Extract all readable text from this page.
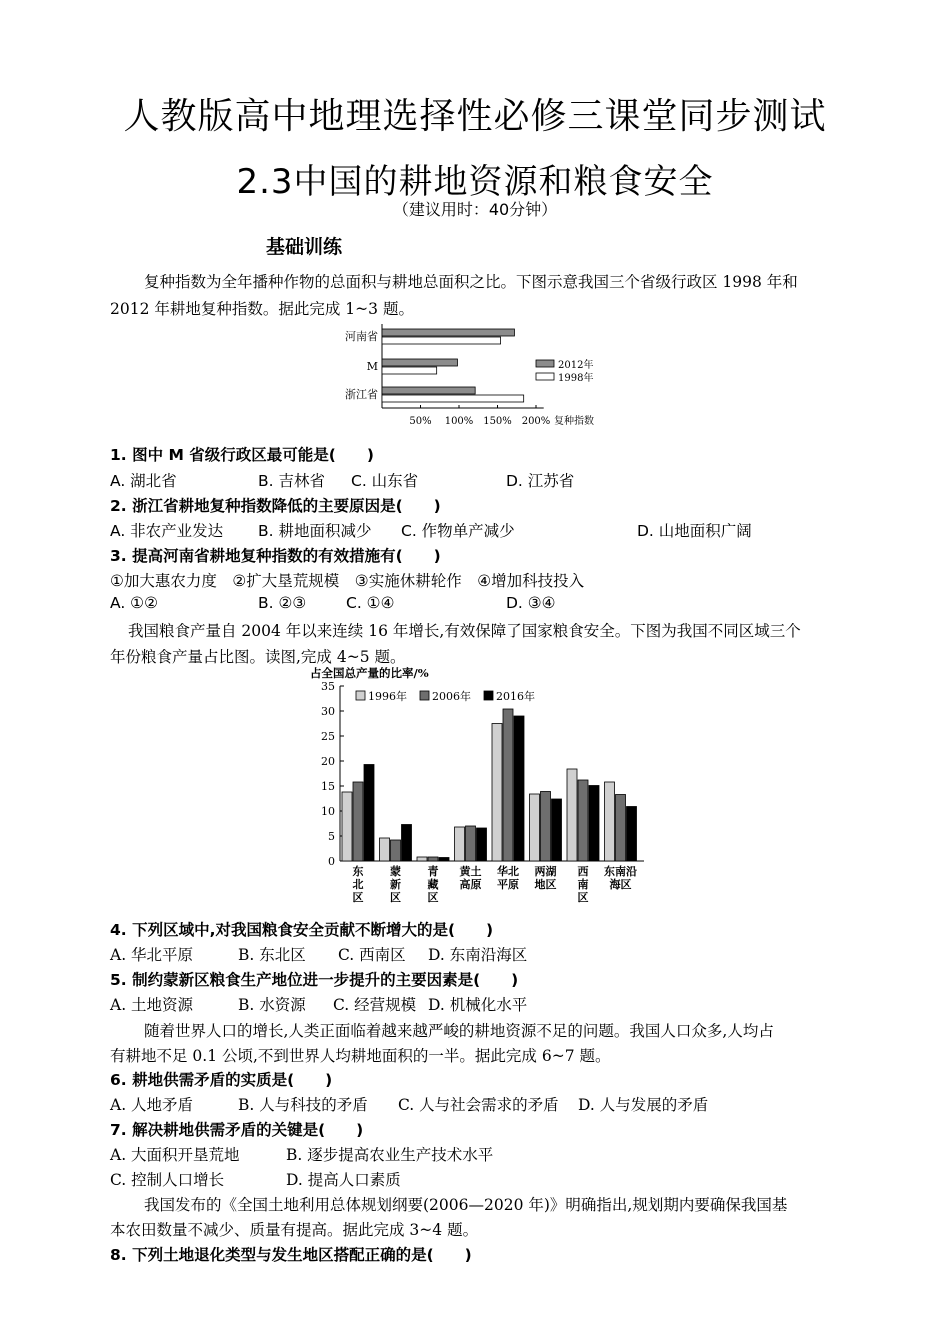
人教版高中地理选择性必修三课堂同步测试
2.3中国的耕地资源和粮食安全
（建议用时：40分钟）
基础训练
复种指数为全年播种作物的总面积与耕地总面积之比。下图示意我国三个省级行政区 1998 年和
2012 年耕地复种指数。据此完成 1~3 题。
50% 100% 150% 200% 复种指数
河南省
M
浙江省
2012年
1998年
1. 图中 M 省级行政区最可能是(　　)
A. 湖北省	B. 吉林省 C. 山东省	D. 江苏省
2. 浙江省耕地复种指数降低的主要原因是(　　)
A. 非农产业发达 B. 耕地面积减少 C. 作物单产减少	D. 山地面积广阔
3. 提高河南省耕地复种指数的有效措施有(　　)
①加大惠农力度　②扩大垦荒规模　③实施休耕轮作　④增加科技投入
A. ①②	B. ②③	C. ①④	D. ③④
我国粮食产量自 2004 年以来连续 16 年增长,有效保障了国家粮食安全。下图为我国不同区域三个
年份粮食产量占比图。读图,完成 4~5 题。
占全国总产量的比率/%
0
5
10
15
20
25
30
35
东
北
区
蒙
新
区
青
藏
区
黄土
高原
华北
平原
两湖
地区
西
南
区
东南沿
海区
1996年 2006年 2016年
4. 下列区域中,对我国粮食安全贡献不断增大的是(　　)
A. 华北平原	B. 东北区 C. 西南区 D. 东南沿海区
5. 制约蒙新区粮食生产地位进一步提升的主要因素是(　　)
A. 土地资源	B. 水资源 C. 经营规模 D. 机械化水平
随着世界人口的增长,人类正面临着越来越严峻的耕地资源不足的问题。我国人口众多,人均占
有耕地不足 0.1 公顷,不到世界人均耕地面积的一半。据此完成 6~7 题。
6. 耕地供需矛盾的实质是(　　)
A. 人地矛盾	B. 人与科技的矛盾 C. 人与社会需求的矛盾 D. 人与发展的矛盾
7. 解决耕地供需矛盾的关键是(　　)
A. 大面积开垦荒地	B. 逐步提高农业生产技术水平
C. 控制人口增长	D. 提高人口素质
我国发布的《全国土地利用总体规划纲要(2006—2020 年)》明确指出,规划期内要确保我国基
本农田数量不减少、质量有提高。据此完成 3~4 题。
8. 下列土地退化类型与发生地区搭配正确的是(　　)
